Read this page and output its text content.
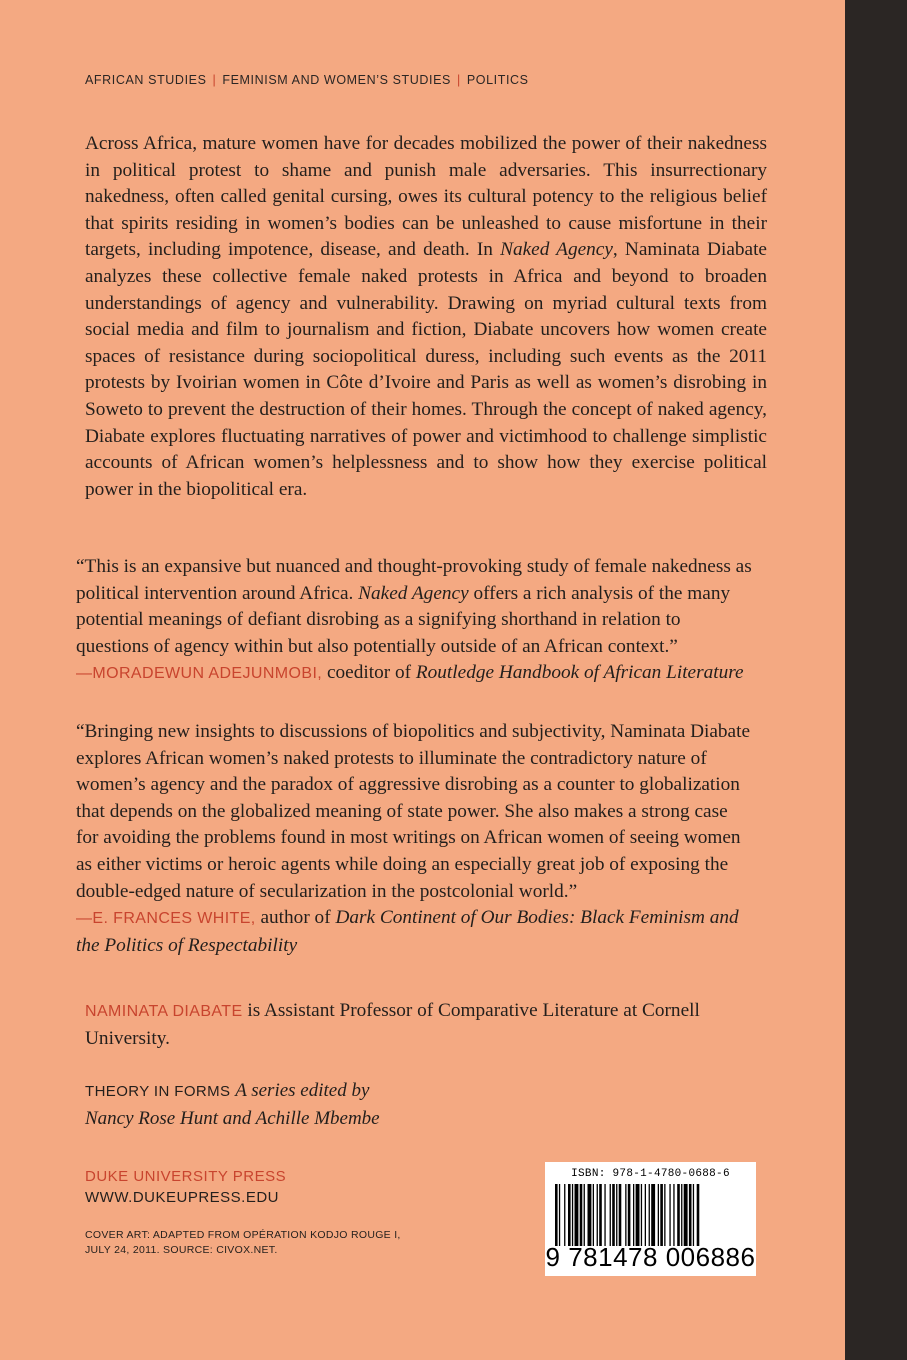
AFRICAN STUDIES | FEMINISM AND WOMEN’S STUDIES | POLITICS

Across Africa, mature women have for decades mobilized the power of their nakedness in political protest to shame and punish male adversaries. This insurrectionary nakedness, often called genital cursing, owes its cultural potency to the religious belief that spirits residing in women’s bodies can be unleashed to cause misfortune in their targets, including impotence, disease, and death. In Naked Agency, Naminata Diabate analyzes these collective female naked protests in Africa and beyond to broaden understandings of agency and vulnerability. Drawing on myriad cultural texts from social media and film to journalism and fiction, Diabate uncovers how women create spaces of resistance during sociopolitical duress, including such events as the 2011 protests by Ivoirian women in Côte d’Ivoire and Paris as well as women’s disrobing in Soweto to prevent the destruction of their homes. Through the concept of naked agency, Diabate explores fluctuating narratives of power and victimhood to challenge simplistic accounts of African women’s helplessness and to show how they exercise political power in the biopolitical era.

“This is an expansive but nuanced and thought-provoking study of female nakedness as political intervention around Africa. Naked Agency offers a rich analysis of the many potential meanings of defiant disrobing as a signifying shorthand in relation to questions of agency within but also potentially outside of an African context.”
—MORADEWUN ADEJUNMOBI, coeditor of Routledge Handbook of African Literature

“Bringing new insights to discussions of biopolitics and subjectivity, Naminata Diabate explores African women’s naked protests to illuminate the contradictory nature of women’s agency and the paradox of aggressive disrobing as a counter to globalization that depends on the globalized meaning of state power. She also makes a strong case for avoiding the problems found in most writings on African women of seeing women as either victims or heroic agents while doing an especially great job of exposing the double-edged nature of secularization in the postcolonial world.”
—E. FRANCES WHITE, author of Dark Continent of Our Bodies: Black Feminism and the Politics of Respectability

NAMINATA DIABATE is Assistant Professor of Comparative Literature at Cornell University.

THEORY IN FORMS A series edited by
Nancy Rose Hunt and Achille Mbembe
DUKE UNIVERSITY PRESS
WWW.DUKEUPRESS.EDU
COVER ART: ADAPTED FROM OPÉRATION KODJO ROUGE I,
JULY 24, 2011. SOURCE: CIVOX.NET.
ISBN: 978-1-4780-0688-6
9 781478 006886
